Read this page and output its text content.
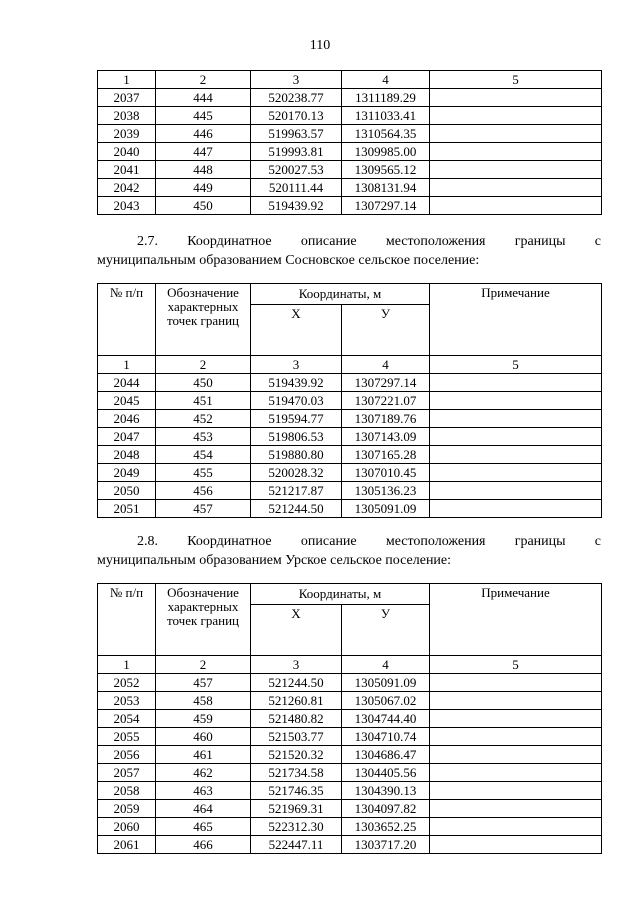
110
1	2	3	4	5
2037	444	520238.77	1311189.29	
2038	445	520170.13	1311033.41	
2039	446	519963.57	1310564.35	
2040	447	519993.81	1309985.00	
2041	448	520027.53	1309565.12	
2042	449	520111.44	1308131.94	
2043	450	519439.92	1307297.14	
2.7. Координатное описание местоположения границы с
муниципальным образованием Сосновское сельское поселение:
№ п/п	Обозначение характерных точек границ	Координаты, м		Примечание
		Х	У	
1	2	3	4	5
2044	450	519439.92	1307297.14	
2045	451	519470.03	1307221.07	
2046	452	519594.77	1307189.76	
2047	453	519806.53	1307143.09	
2048	454	519880.80	1307165.28	
2049	455	520028.32	1307010.45	
2050	456	521217.87	1305136.23	
2051	457	521244.50	1305091.09	
2.8. Координатное описание местоположения границы с
муниципальным образованием Урское сельское поселение:
№ п/п	Обозначение характерных точек границ	Координаты, м		Примечание
		Х	У	
1	2	3	4	5
2052	457	521244.50	1305091.09	
2053	458	521260.81	1305067.02	
2054	459	521480.82	1304744.40	
2055	460	521503.77	1304710.74	
2056	461	521520.32	1304686.47	
2057	462	521734.58	1304405.56	
2058	463	521746.35	1304390.13	
2059	464	521969.31	1304097.82	
2060	465	522312.30	1303652.25	
2061	466	522447.11	1303717.20	
